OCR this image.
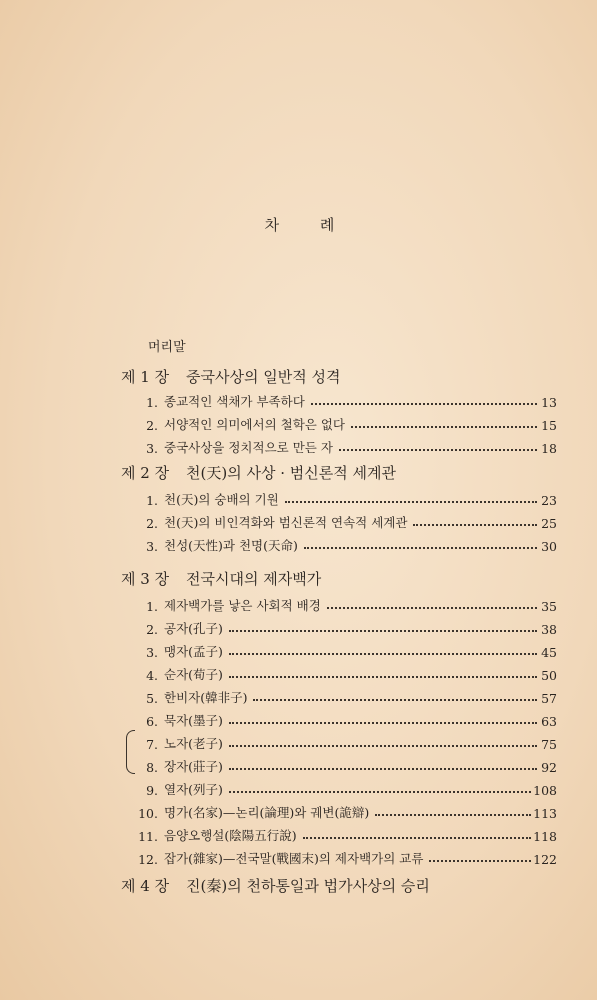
차 례
머리말
제 1 장 중국사상의 일반적 성격
1. 종교적인 색채가 부족하다	13
2. 서양적인 의미에서의 철학은 없다	15
3. 중국사상을 정치적으로 만든 자	18
제 2 장 천(天)의 사상 · 범신론적 세계관
1. 천(天)의 숭배의 기원	23
2. 천(天)의 비인격화와 범신론적 연속적 세계관	25
3. 천성(天性)과 천명(天命)	30
제 3 장 전국시대의 제자백가
1. 제자백가를 낳은 사회적 배경	35
2. 공자(孔子)	38
3. 맹자(孟子)	45
4. 순자(荀子)	50
5. 한비자(韓非子)	57
6. 묵자(墨子)	63
7. 노자(老子)	75
8. 장자(莊子)	92
9. 열자(列子)	108
10. 명가(名家)—논리(論理)와 궤변(詭辯)	113
11. 음양오행설(陰陽五行說)	118
12. 잡가(雜家)—전국말(戰國末)의 제자백가의 교류	122
제 4 장 진(秦)의 천하통일과 법가사상의 승리
